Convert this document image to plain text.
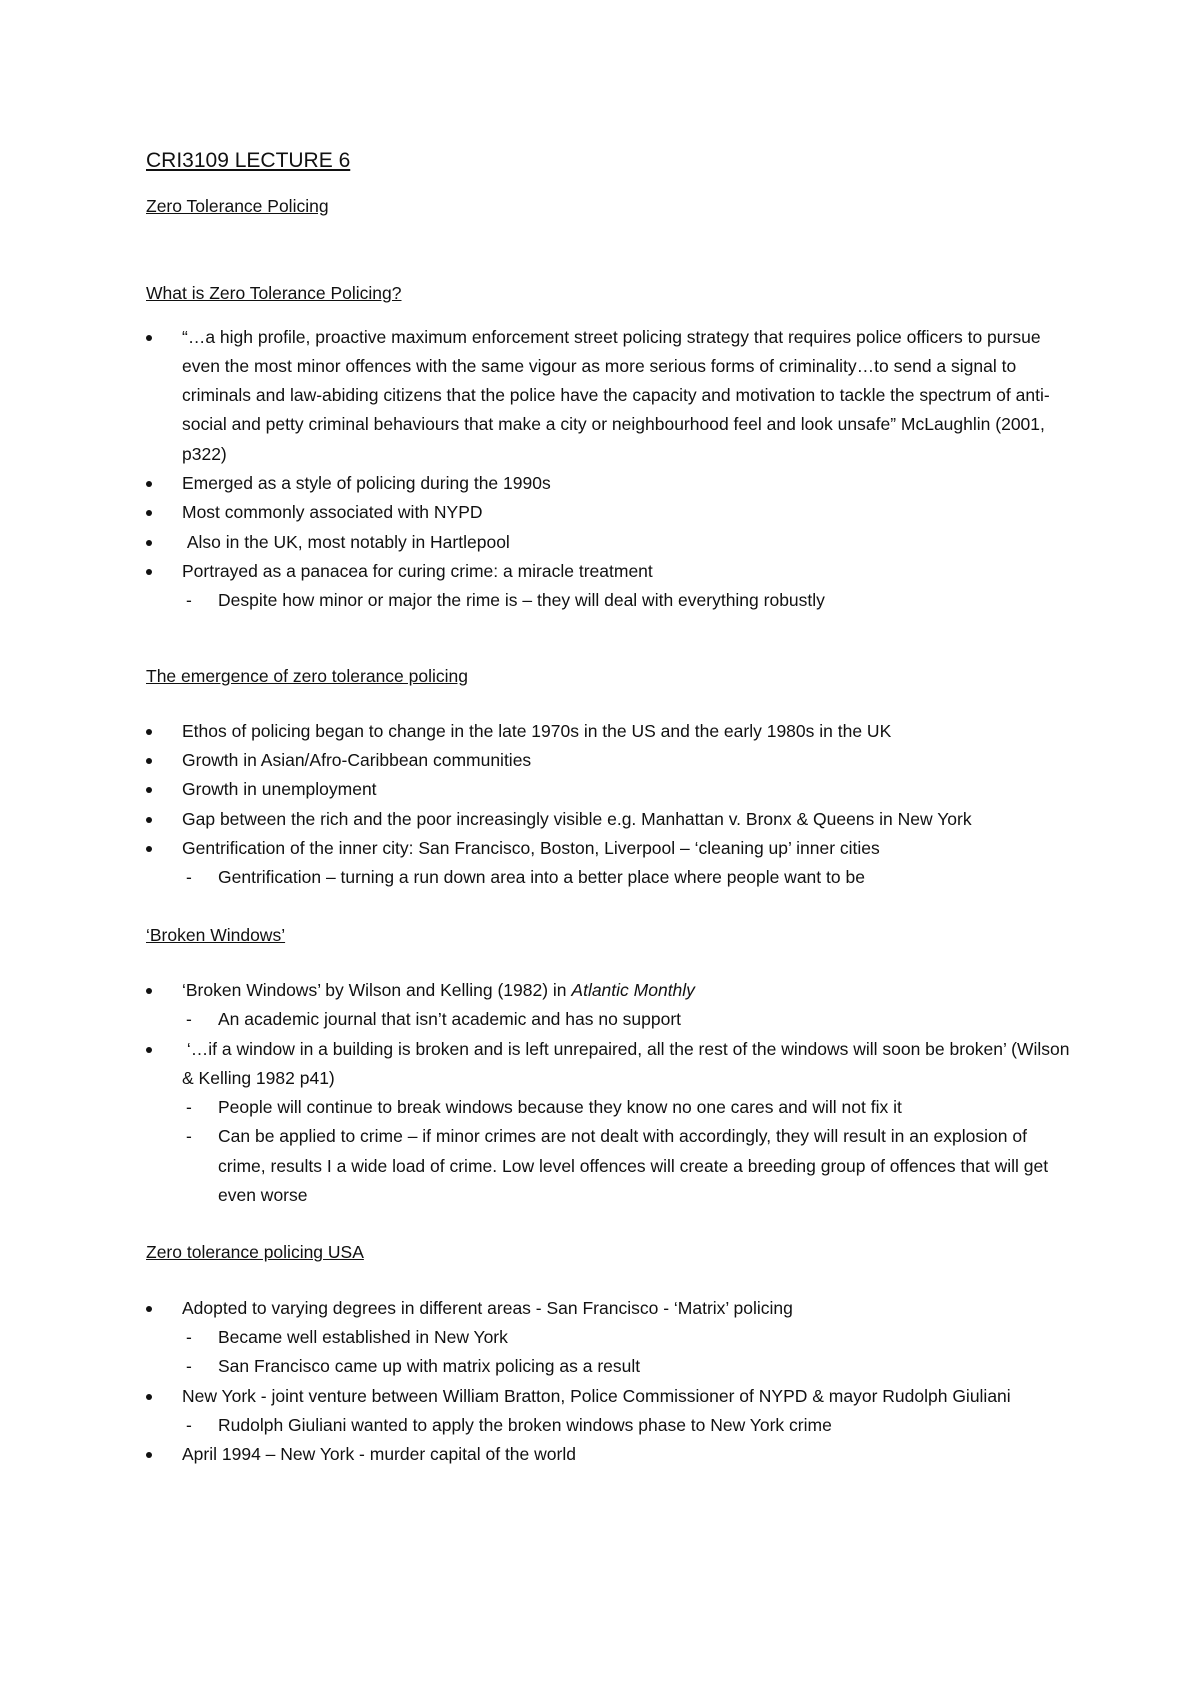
CRI3109 LECTURE 6
Zero Tolerance Policing
What is Zero Tolerance Policing?
“…a high profile, proactive maximum enforcement street policing strategy that requires police officers to pursue even the most minor offences with the same vigour as more serious forms of criminality…to send a signal to criminals and law-abiding citizens that the police have the capacity and motivation to tackle the spectrum of anti-social and petty criminal behaviours that make a city or neighbourhood feel and look unsafe” McLaughlin (2001, p322)
Emerged as a style of policing during the 1990s
Most commonly associated with NYPD
Also in the UK, most notably in Hartlepool
Portrayed as a panacea for curing crime: a miracle treatment
- Despite how minor or major the rime is – they will deal with everything robustly
The emergence of zero tolerance policing
Ethos of policing began to change in the late 1970s in the US and the early 1980s in the UK
Growth in Asian/Afro-Caribbean communities
Growth in unemployment
Gap between the rich and the poor increasingly visible e.g. Manhattan v. Bronx & Queens in New York
Gentrification of the inner city: San Francisco, Boston, Liverpool – ‘cleaning up’ inner cities
- Gentrification – turning a run down area into a better place where people want to be
‘Broken Windows’
‘Broken Windows’ by Wilson and Kelling (1982) in Atlantic Monthly
- An academic journal that isn’t academic and has no support
‘…if a window in a building is broken and is left unrepaired, all the rest of the windows will soon be broken’ (Wilson & Kelling 1982 p41)
- People will continue to break windows because they know no one cares and will not fix it
- Can be applied to crime – if minor crimes are not dealt with accordingly, they will result in an explosion of crime, results I a wide load of crime. Low level offences will create a breeding group of offences that will get even worse
Zero tolerance policing USA
Adopted to varying degrees in different areas - San Francisco - ‘Matrix’ policing
- Became well established in New York
- San Francisco came up with matrix policing as a result
New York - joint venture between William Bratton, Police Commissioner of NYPD & mayor Rudolph Giuliani
- Rudolph Giuliani wanted to apply the broken windows phase to New York crime
April 1994 – New York - murder capital of the world
